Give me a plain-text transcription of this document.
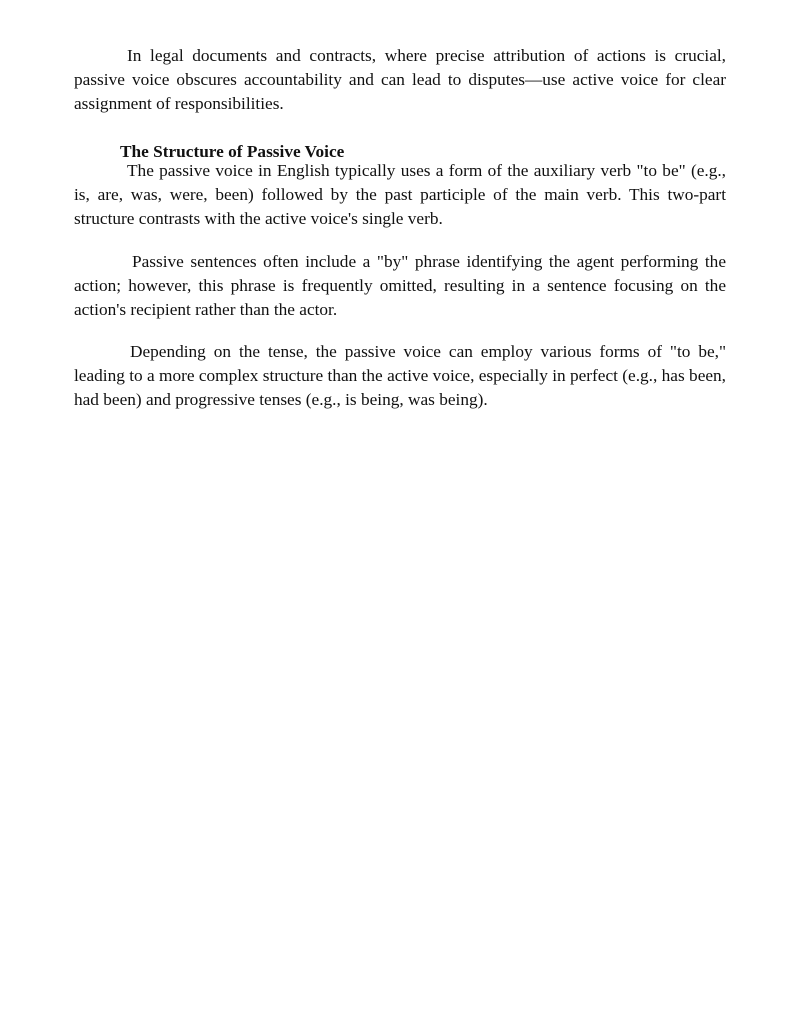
In legal documents and contracts, where precise attribution of actions is crucial, passive voice obscures accountability and can lead to disputes—use active voice for clear assignment of responsibilities.

The Structure of Passive Voice

The passive voice in English typically uses a form of the auxiliary verb "to be" (e.g., is, are, was, were, been) followed by the past participle of the main verb. This two-part structure contrasts with the active voice's single verb.

Passive sentences often include a "by" phrase identifying the agent performing the action; however, this phrase is frequently omitted, resulting in a sentence focusing on the action's recipient rather than the actor.

Depending on the tense, the passive voice can employ various forms of "to be," leading to a more complex structure than the active voice, especially in perfect (e.g., has been, had been) and progressive tenses (e.g., is being, was being).
